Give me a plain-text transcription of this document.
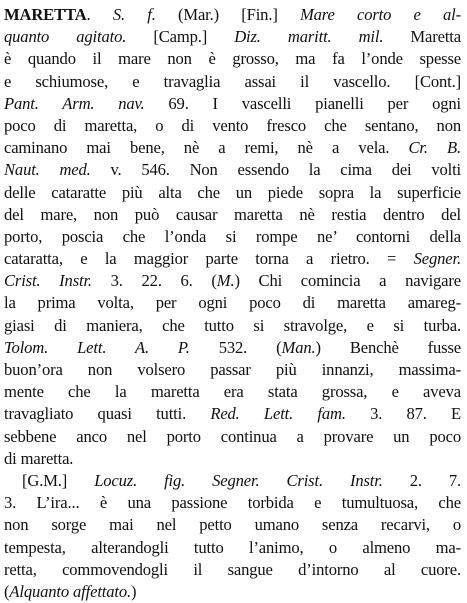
MARETTA. S. f. (Mar.) [Fin.] Mare corto e al-
quanto agitato. [Camp.] Diz. maritt. mil. Maretta
è quando il mare non è grosso, ma fa l’onde spesse
e schiumose, e travaglia assai il vascello. [Cont.]
Pant. Arm. nav. 69. I vascelli pianelli per ogni
poco di maretta, o di vento fresco che sentano, non
caminano mai bene, nè a remi, nè a vela. Cr. B.
Naut. med. v. 546. Non essendo la cima dei volti
delle cataratte più alta che un piede sopra la superficie
del mare, non può causar maretta nè restia dentro del
porto, poscia che l’onda si rompe ne’ contorni della
cataratta, e la maggior parte torna a rietro. = Segner.
Crist. Instr. 3. 22. 6. (M.) Chi comincia a navigare
la prima volta, per ogni poco di maretta amareg-
giasi di maniera, che tutto si stravolge, e si turba.
Tolom. Lett. A. P. 532. (Man.) Benchè fusse
buon’ora non volsero passar più innanzi, massima-
mente che la maretta era stata grossa, e aveva
travagliato quasi tutti. Red. Lett. fam. 3. 87. E
sebbene anco nel porto continua a provare un poco
di maretta.
[G.M.] Locuz. fig. Segner. Crist. Instr. 2. 7.
3. L’ira... è una passione torbida e tumultuosa, che
non sorge mai nel petto umano senza recarvi, o
tempesta, alterandogli tutto l’animo, o almeno ma-
retta, commovendogli il sangue d’intorno al cuore.
(Alquanto affettato.)
